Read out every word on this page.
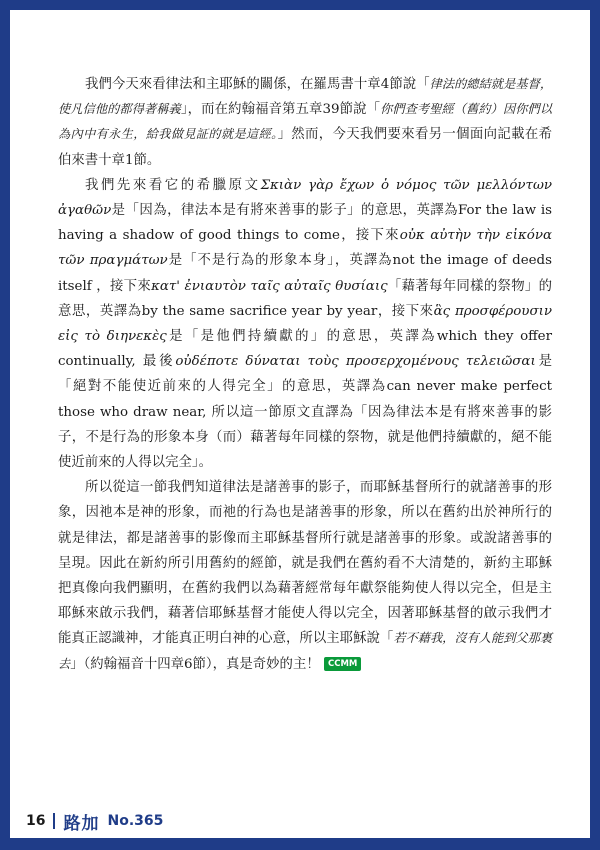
我們今天來看律法和主耶穌的關係，在羅馬書十章4節說「律法的總結就是基督，使凡信他的都得著稱義」，而在約翰福音第五章39節說「你們查考聖經（舊約）因你們以為內中有永生，給我做見証的就是這經。」然而，今天我們要來看另一個面向記載在希伯來書十章1節。

我們先來看它的希臘原文Σκιὰν γὰρ ἔχων ὁ νόμος τῶν μελλόντων ἀγαθῶν是「因為，律法本是有將來善事的影子」的意思，英譯為For the law is having a shadow of good things to come，接下來οὐκ αὐτὴν τὴν εἰκόνα τῶν πραγμάτων是「不是行為的形象本身」，英譯為not the image of deeds itself ，接下來κατ' ἐνιαυτὸν ταῖς αὐταῖς θυσίαις「藉著每年同樣的祭物」的意思，英譯為by the same sacrifice year by year，接下來ἃς προσφέρουσιν εἰς τὸ διηνεκὲς是「是他們持續獻的」的意思，英譯為which they offer continually, 最後οὐδέποτε δύναται τοὺς προσερχομένους τελειῶσαι是「絕對不能使近前來的人得完全」的意思，英譯為can never make perfect those who draw near, 所以這一節原文直譯為「因為律法本是有將來善事的影子，不是行為的形象本身（而）藉著每年同樣的祭物，就是他們持續獻的，絕不能使近前來的人得以完全」。

所以從這一節我們知道律法是諸善事的影子，而耶穌基督所行的就諸善事的形象，因祂本是神的形象，而祂的行為也是諸善事的形象，所以在舊約出於神所行的就是律法，都是諸善事的影像而主耶穌基督所行就是諸善事的形象。或說諸善事的呈現。因此在新約所引用舊約的經節，就是我們在舊約看不大清楚的，新約主耶穌把真像向我們顯明，在舊約我們以為藉著經常每年獻祭能夠使人得以完全，但是主耶穌來啟示我們，藉著信耶穌基督才能使人得以完全，因著耶穌基督的啟示我們才能真正認識神，才能真正明白神的心意，所以主耶穌說「若不藉我，沒有人能到父那裏去」（約翰福音十四章6節），真是奇妙的主！ CCMM

16 路加 No.365
